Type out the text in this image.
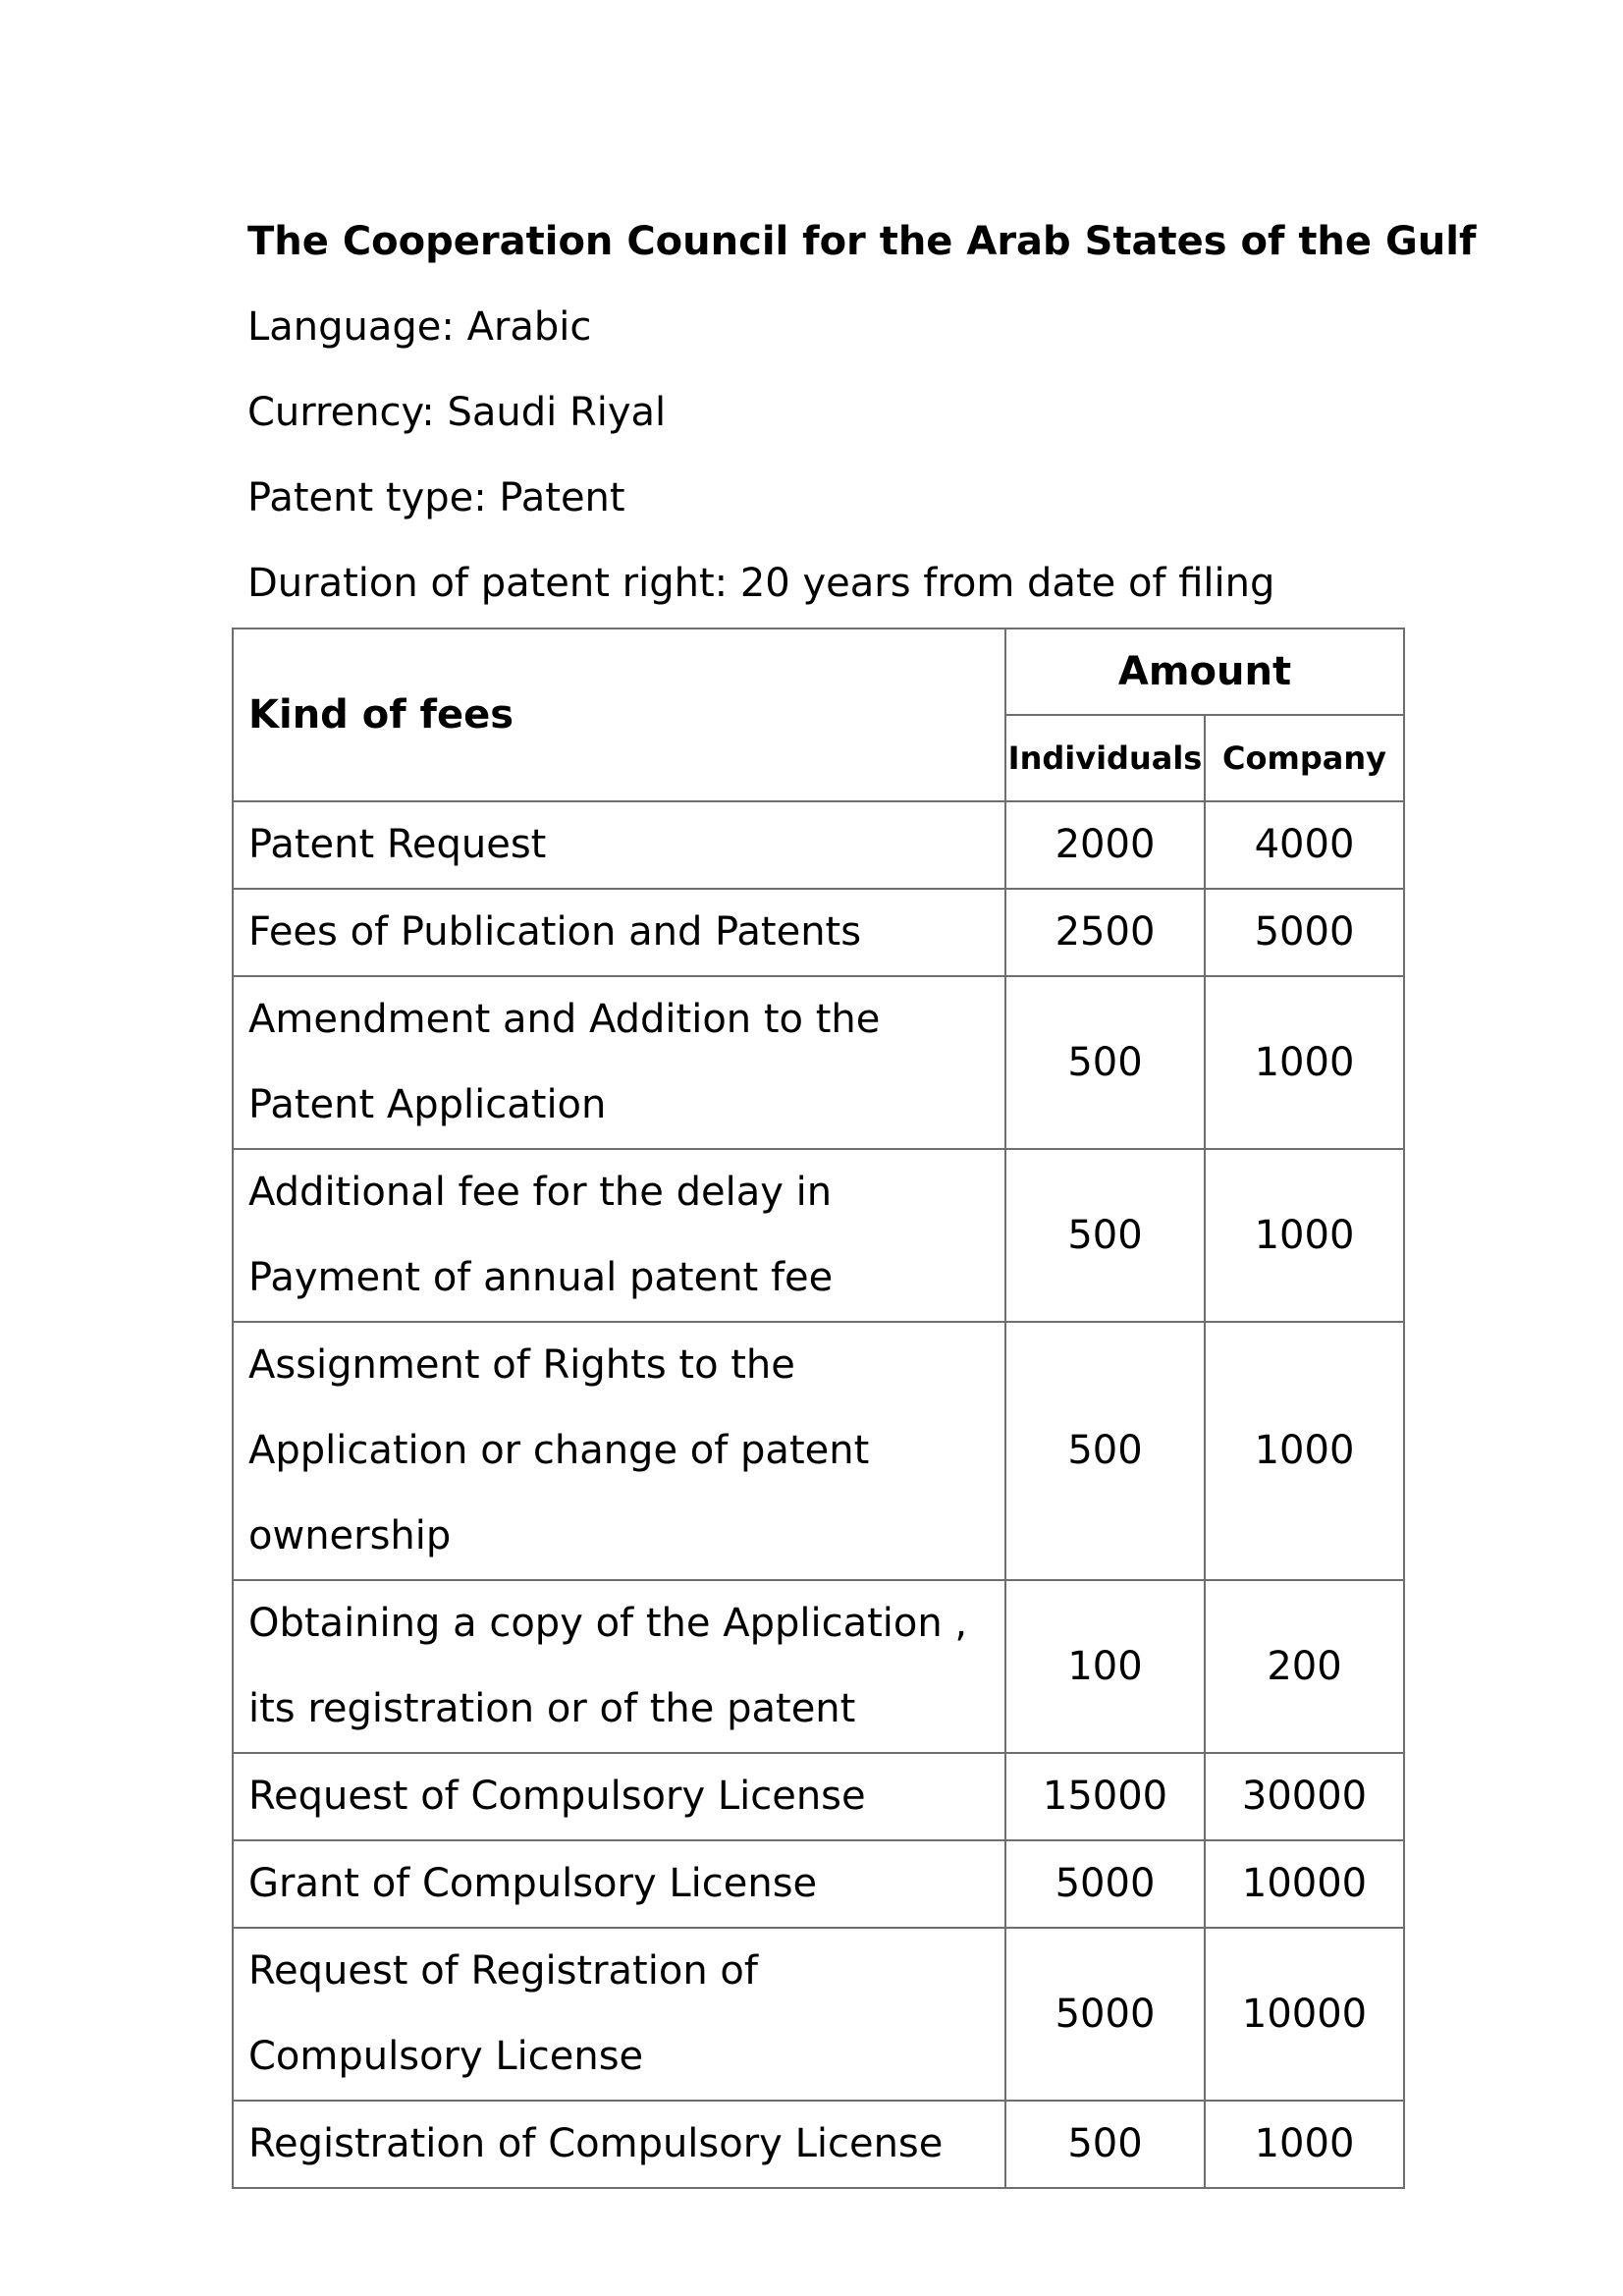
The Cooperation Council for the Arab States of the Gulf
Language: Arabic
Currency: Saudi Riyal
Patent type: Patent
Duration of patent right: 20 years from date of filing
Kind of fees	Amount	
	Individuals	Company
Patent Request	2000	4000
Fees of Publication and Patents	2500	5000
Amendment and Addition to the Patent Application	500	1000
Additional fee for the delay in Payment of annual patent fee	500	1000
Assignment of Rights to the Application or change of patent ownership	500	1000
Obtaining a copy of the Application , its registration or of the patent	100	200
Request of Compulsory License	15000	30000
Grant of Compulsory License	5000	10000
Request of Registration of Compulsory License	5000	10000
Registration of Compulsory License	500	1000
